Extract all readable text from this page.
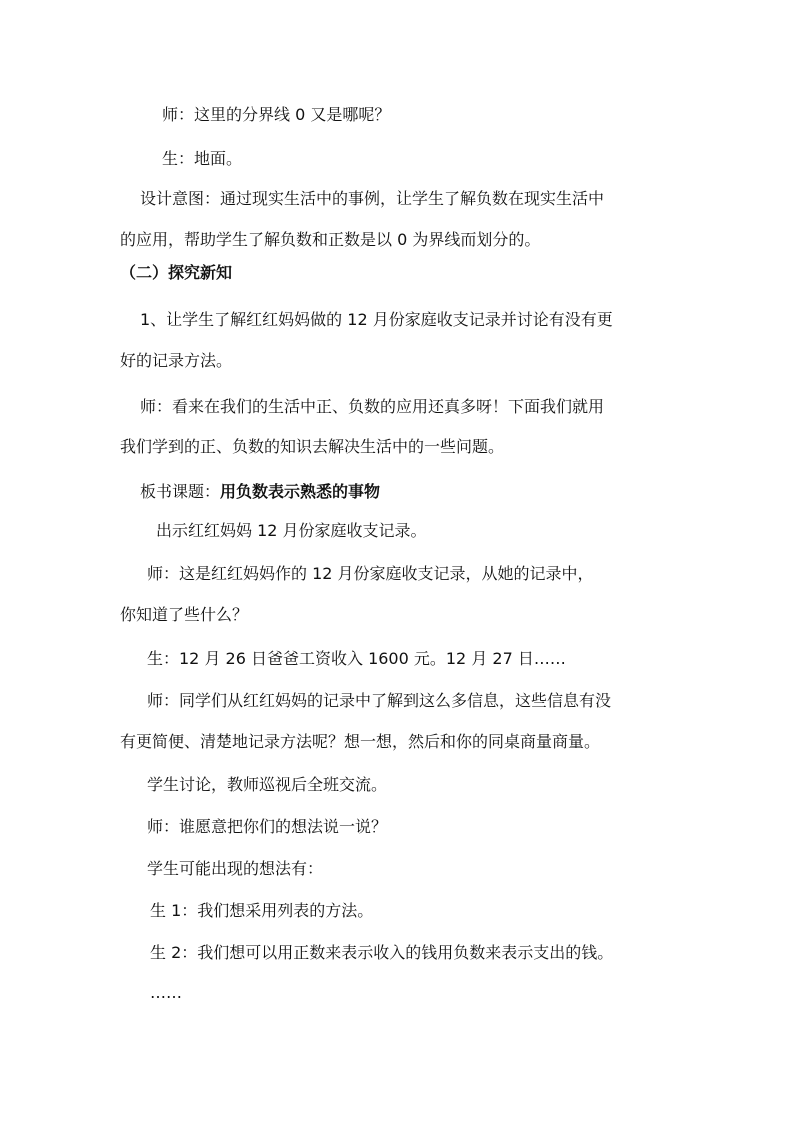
师：这里的分界线 0 又是哪呢？
生：地面。
设计意图：通过现实生活中的事例，让学生了解负数在现实生活中
的应用，帮助学生了解负数和正数是以 0 为界线而划分的。
（二）探究新知
1、让学生了解红红妈妈做的 12 月份家庭收支记录并讨论有没有更
好的记录方法。
师：看来在我们的生活中正、负数的应用还真多呀！下面我们就用
我们学到的正、负数的知识去解决生活中的一些问题。
板书课题：用负数表示熟悉的事物
出示红红妈妈 12 月份家庭收支记录。
师：这是红红妈妈作的 12 月份家庭收支记录，从她的记录中，
你知道了些什么？
生：12 月 26 日爸爸工资收入 1600 元。12 月 27 日……
师：同学们从红红妈妈的记录中了解到这么多信息，这些信息有没
有更简便、清楚地记录方法呢？想一想，然后和你的同桌商量商量。
学生讨论，教师巡视后全班交流。
师：谁愿意把你们的想法说一说？
学生可能出现的想法有：
生 1：我们想采用列表的方法。
生 2：我们想可以用正数来表示收入的钱用负数来表示支出的钱。
……
